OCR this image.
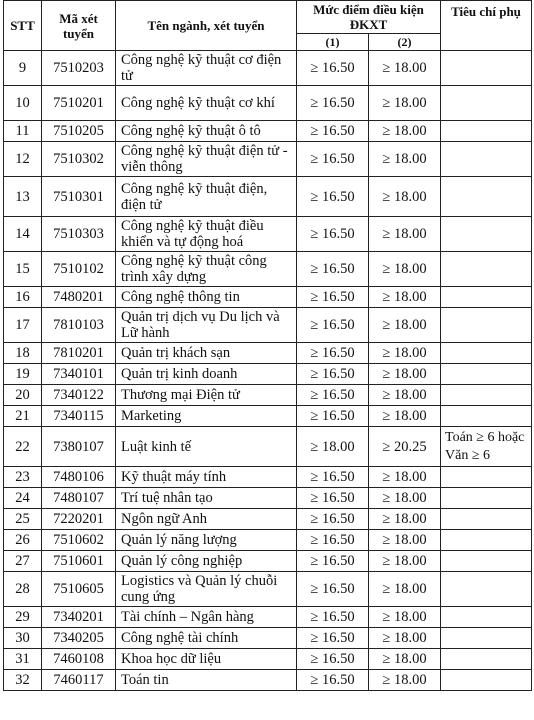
STT	Mã xét tuyển	Tên ngành, xét tuyển	Mức điểm điều kiện ĐKXT		Tiêu chí phụ
			(1)	(2)	
9	7510203	Công nghệ kỹ thuật cơ điện tử	≥ 16.50	≥ 18.00	
10	7510201	Công nghệ kỹ thuật cơ khí	≥ 16.50	≥ 18.00	
11	7510205	Công nghệ kỹ thuật ô tô	≥ 16.50	≥ 18.00	
12	7510302	Công nghệ kỹ thuật điện tử - viễn thông	≥ 16.50	≥ 18.00	
13	7510301	Công nghệ kỹ thuật điện, điện tử	≥ 16.50	≥ 18.00	
14	7510303	Công nghệ kỹ thuật điều khiển và tự động hoá	≥ 16.50	≥ 18.00	
15	7510102	Công nghệ kỹ thuật công trình xây dựng	≥ 16.50	≥ 18.00	
16	7480201	Công nghệ thông tin	≥ 16.50	≥ 18.00	
17	7810103	Quản trị dịch vụ Du lịch và Lữ hành	≥ 16.50	≥ 18.00	
18	7810201	Quản trị khách sạn	≥ 16.50	≥ 18.00	
19	7340101	Quản trị kinh doanh	≥ 16.50	≥ 18.00	
20	7340122	Thương mại Điện tử	≥ 16.50	≥ 18.00	
21	7340115	Marketing	≥ 16.50	≥ 18.00	
22	7380107	Luật kinh tế	≥ 18.00	≥ 20.25	Toán ≥ 6 hoặc Văn ≥ 6
23	7480106	Kỹ thuật máy tính	≥ 16.50	≥ 18.00	
24	7480107	Trí tuệ nhân tạo	≥ 16.50	≥ 18.00	
25	7220201	Ngôn ngữ Anh	≥ 16.50	≥ 18.00	
26	7510602	Quản lý năng lượng	≥ 16.50	≥ 18.00	
27	7510601	Quản lý công nghiệp	≥ 16.50	≥ 18.00	
28	7510605	Logistics và Quản lý chuỗi cung ứng	≥ 16.50	≥ 18.00	
29	7340201	Tài chính – Ngân hàng	≥ 16.50	≥ 18.00	
30	7340205	Công nghệ tài chính	≥ 16.50	≥ 18.00	
31	7460108	Khoa học dữ liệu	≥ 16.50	≥ 18.00	
32	7460117	Toán tin	≥ 16.50	≥ 18.00	
